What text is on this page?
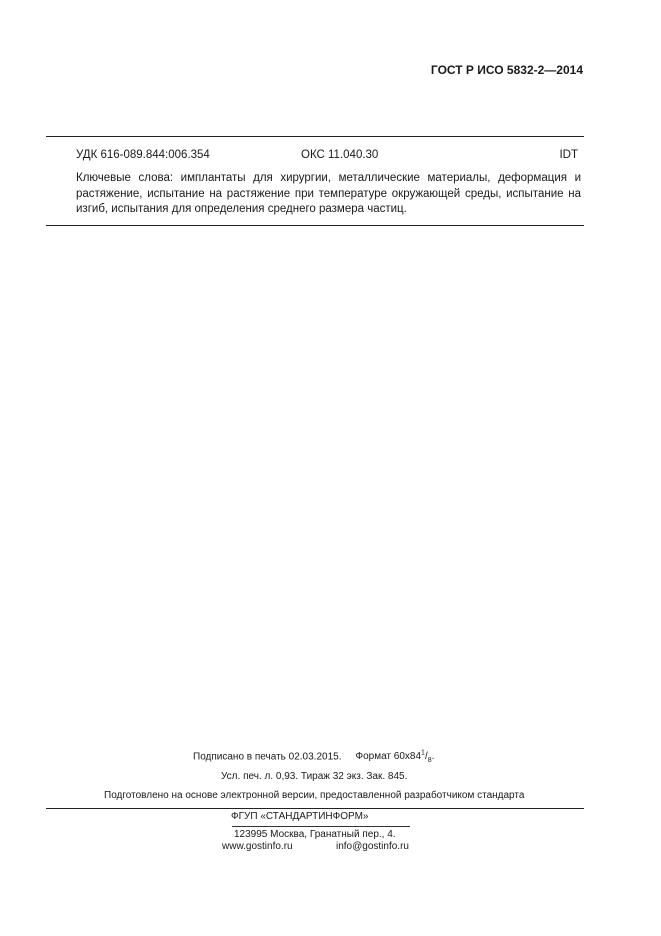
ГОСТ Р ИСО 5832-2—2014
УДК 616-089.844:006.354	ОКС 11.040.30	IDT

Ключевые слова: имплантаты для хирургии, металлические материалы, деформация и растяжение, испытание на растяжение при температуре окружающей среды, испытание на изгиб, испытания для определения среднего размера частиц.

Подписано в печать 02.03.2015. Формат $60х84^1/_8$.
Усл. печ. л. 0,93. Тираж 32 экз. Зак. 845.
Подготовлено на основе электронной версии, предоставленной разработчиком стандарта
ФГУП «СТАНДАРТИНФОРМ»
123995 Москва, Гранатный пер., 4.
www.gostinfo.ru	info@gostinfo.ru
